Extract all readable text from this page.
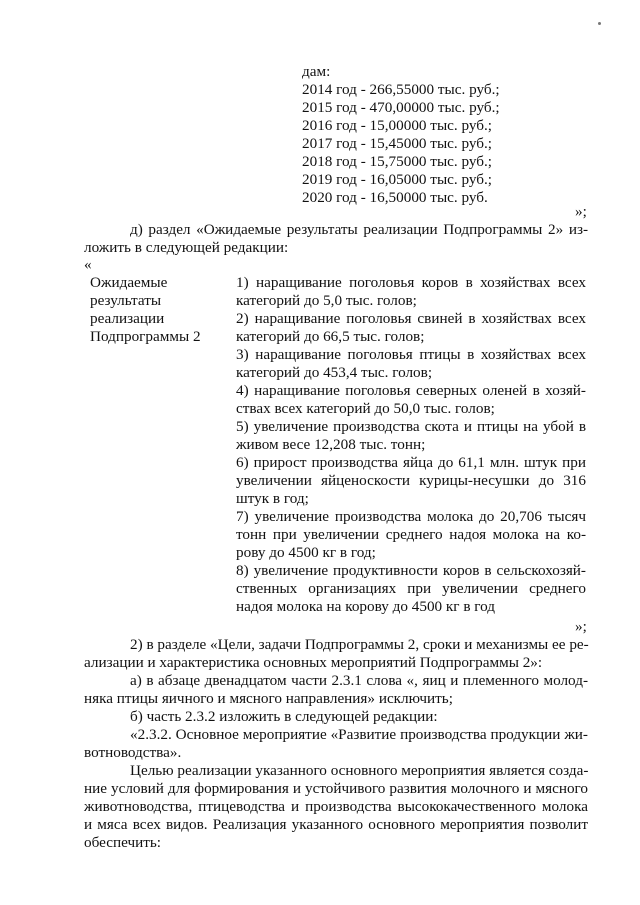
дам:
2014 год - 266,55000 тыс. руб.;
2015 год - 470,00000 тыс. руб.;
2016 год - 15,00000 тыс. руб.;
2017 год - 15,45000 тыс. руб.;
2018 год - 15,75000 тыс. руб.;
2019 год - 16,05000 тыс. руб.;
2020 год - 16,50000 тыс. руб.
»;
д) раздел «Ожидаемые результаты реализации Подпрограммы 2» из-
ложить в следующей редакции:
«
Ожидаемые
результаты
реализации
Подпрограммы 2
1) наращивание поголовья коров в хозяйствах всех
категорий до 5,0 тыс. голов;
2) наращивание поголовья свиней в хозяйствах всех
категорий до 66,5 тыс. голов;
3) наращивание поголовья птицы в хозяйствах всех
категорий до 453,4 тыс. голов;
4) наращивание поголовья северных оленей в хозяй-
ствах всех категорий до 50,0 тыс. голов;
5) увеличение производства скота и птицы на убой в
живом весе 12,208 тыс. тонн;
6) прирост производства яйца до 61,1 млн. штук при
увеличении яйценоскости курицы-несушки до 316
штук в год;
7) увеличение производства молока до 20,706 тысяч
тонн при увеличении среднего надоя молока на ко-
рову до 4500 кг в год;
8) увеличение продуктивности коров в сельскохозяй-
ственных организациях при увеличении среднего
надоя молока на корову до 4500 кг в год
»;
2) в разделе «Цели, задачи Подпрограммы 2, сроки и механизмы ее ре-
ализации и характеристика основных мероприятий Подпрограммы 2»:
а) в абзаце двенадцатом части 2.3.1 слова «, яиц и племенного молод-
няка птицы яичного и мясного направления» исключить;
б) часть 2.3.2 изложить в следующей редакции:
«2.3.2. Основное мероприятие «Развитие производства продукции жи-
вотноводства».
Целью реализации указанного основного мероприятия является созда-
ние условий для формирования и устойчивого развития молочного и мясного
животноводства, птицеводства и производства высококачественного молока
и мяса всех видов. Реализация указанного основного мероприятия позволит
обеспечить:
